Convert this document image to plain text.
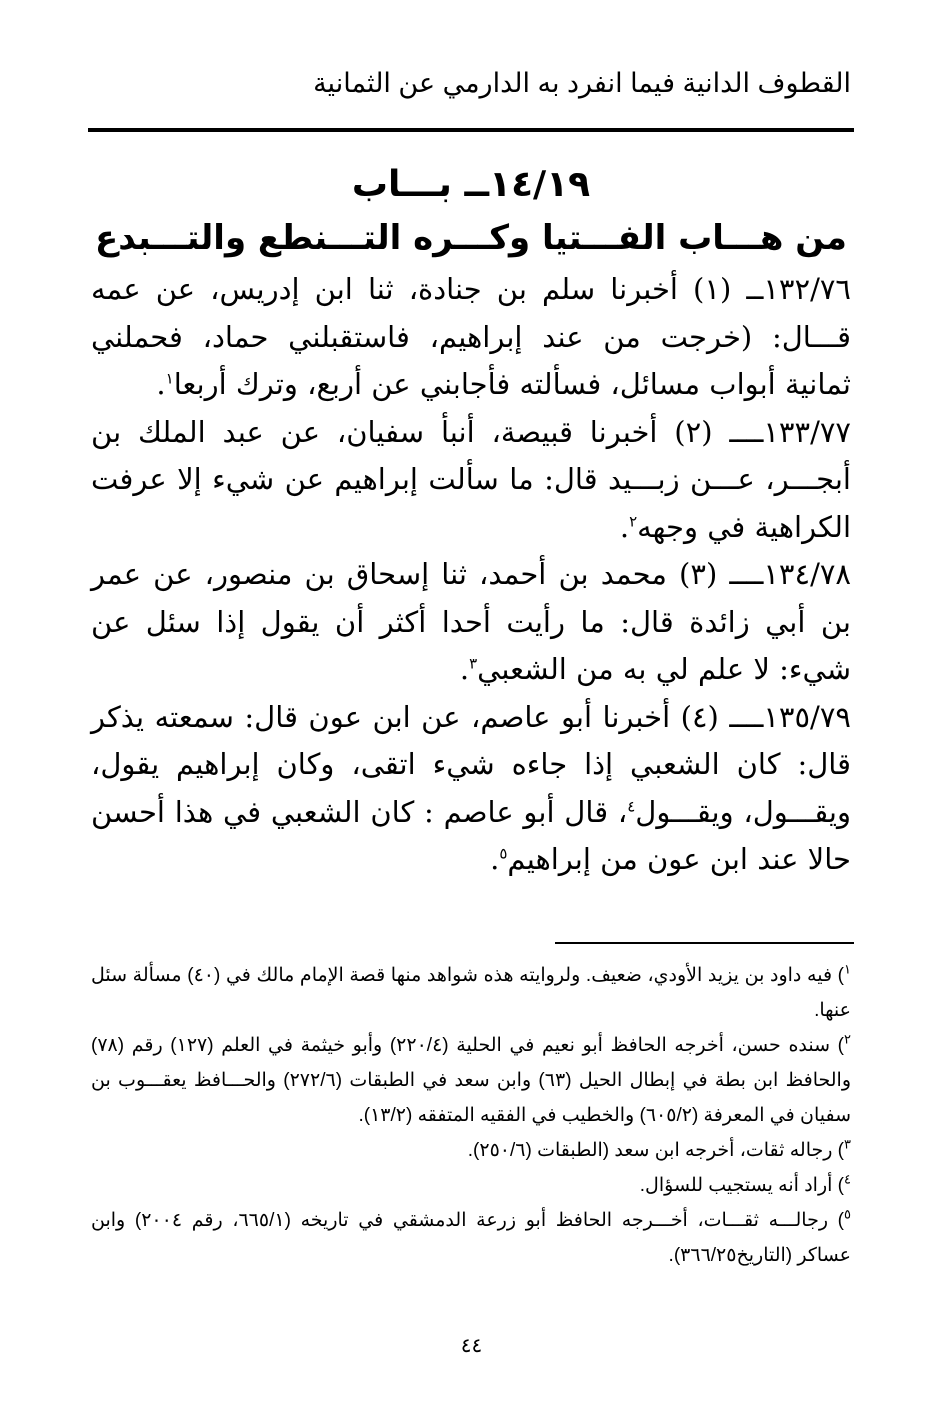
القطوف الدانية فيما انفرد به الدارمي عن الثمانية
١٤/١٩ــ بـــاب
من هـــاب الفـــتيا وكـــره التـــنطع والتـــبدع

١٣٢/٧٦ــ (١) أخبرنا سلم بن جنادة، ثنا ابن إدريس، عن عمه قـــال: (خرجت من عند إبراهيم، فاستقبلني حماد، فحملني ثمانية أبواب مسائل، فسألته فأجابني عن أربع، وترك أربعا$^١$.

١٣٣/٧٧ــــ (٢) أخبرنا قبيصة، أنبأ سفيان، عن عبد الملك بن أبجـــر، عـــن زبـــيد قال: ما سألت إبراهيم عن شيء إلا عرفت الكراهية في وجهه$^٢$.

١٣٤/٧٨ــــ (٣) محمد بن أحمد، ثنا إسحاق بن منصور، عن عمر بن أبي زائدة قال: ما رأيت أحدا أكثر أن يقول إذا سئل عن شيء: لا علم لي به من الشعبي$^٣$.

١٣٥/٧٩ــــ (٤) أخبرنا أبو عاصم، عن ابن عون قال: سمعته يذكر قال: كان الشعبي إذا جاءه شيء اتقى، وكان إبراهيم يقول، ويقـــول، ويقـــول$^٤$، قال أبو عاصم : كان الشعبي في هذا أحسن حالا عند ابن عون من إبراهيم$^٥$.

$^١$) فيه داود بن يزيد الأودي، ضعيف. ولروايته هذه شواهد منها قصة الإمام مالك في (٤٠) مسألة سئل عنها.

$^٢$) سنده حسن، أخرجه الحافظ أبو نعيم في الحلية (٢٢٠/٤) وأبو خيثمة في العلم (١٢٧) رقم (٧٨) والحافظ ابن بطة في إبطال الحيل (٦٣) وابن سعد في الطبقات (٢٧٢/٦) والحـــافظ يعقـــوب بن سفيان في المعرفة (٦٠٥/٢) والخطيب في الفقيه المتفقه (١٣/٢).

$^٣$) رجاله ثقات، أخرجه ابن سعد (الطبقات (٢٥٠/٦).

$^٤$) أراد أنه يستجيب للسؤال.

$^٥$) رجالـــه ثقـــات، أخـــرجه الحافظ أبو زرعة الدمشقي في تاريخه (٦٦٥/١، رقم ٢٠٠٤) وابن عساكر (التاريخ٣٦٦/٢٥).

٤٤
